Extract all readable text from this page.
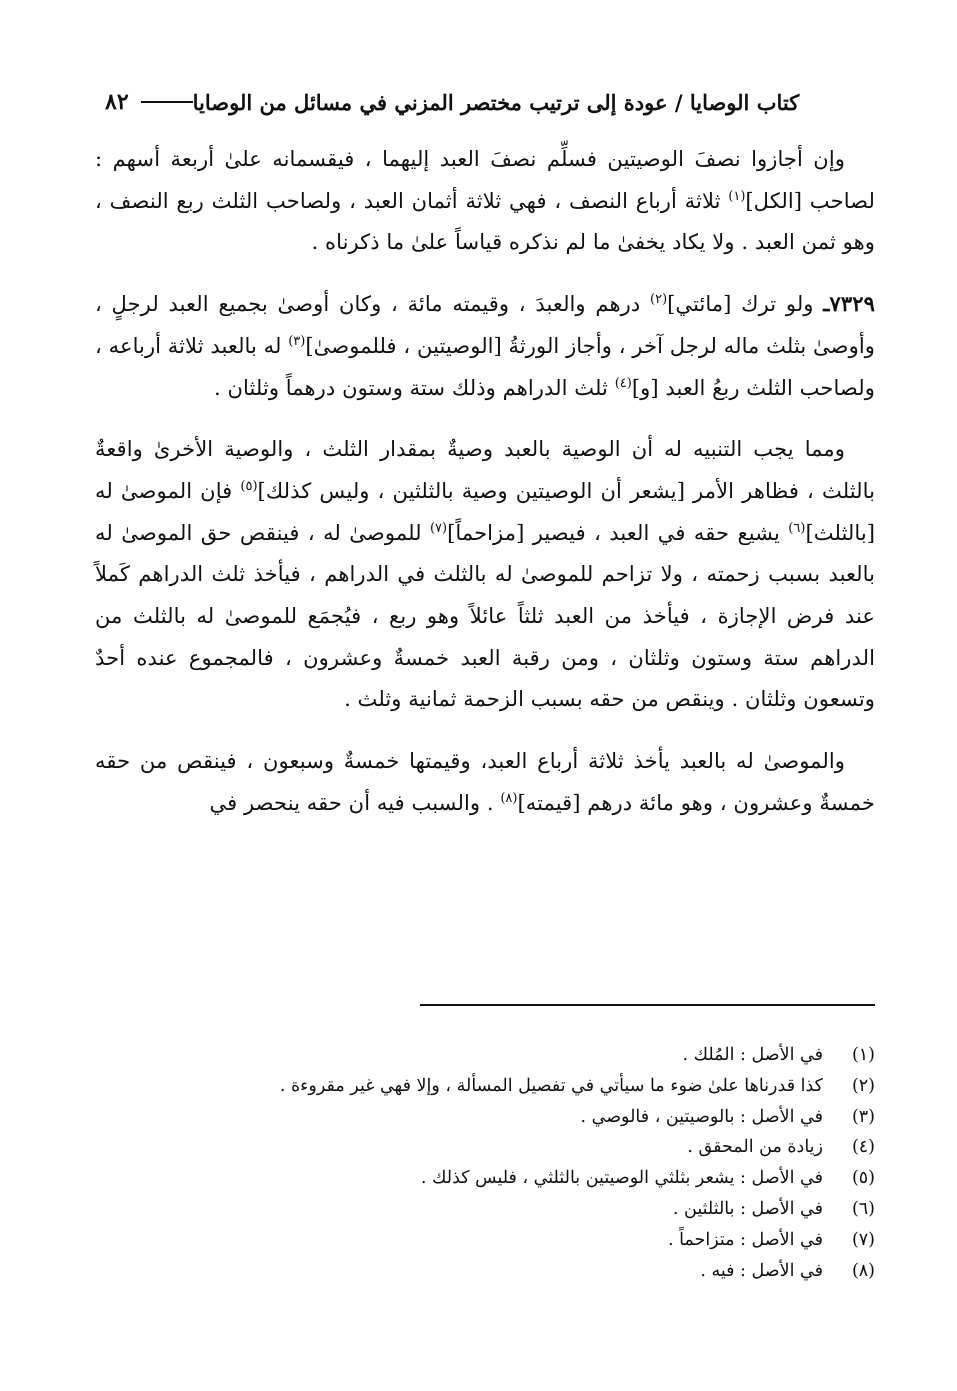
٨٢	كتاب الوصايا / عودة إلى ترتيب مختصر المزني في مسائل من الوصايا

وإن أجازوا نصفَ الوصيتين فسلِّم نصفَ العبد إليهما ، فيقسمانه علىٰ أربعة أسهم : لصاحب [الكل]$^{(١)}$ ثلاثة أرباع النصف ، فهي ثلاثة أثمان العبد ، ولصاحب الثلث ربع النصف ، وهو ثمن العبد . ولا يكاد يخفىٰ ما لم نذكره قياساً علىٰ ما ذكرناه .

٧٣٢٩ـ ولو ترك [مائتي]$^{(٢)}$ درهم والعبدَ ، وقيمته مائة ، وكان أوصىٰ بجميع العبد لرجلٍ ، وأوصىٰ بثلث ماله لرجل آخر ، وأجاز الورثةُ [الوصيتين ، فللموصىٰ]$^{(٣)}$ له بالعبد ثلاثة أرباعه ، ولصاحب الثلث ربعُ العبد [و]$^{(٤)}$ ثلث الدراهم وذلك ستة وستون درهماً وثلثان .

ومما يجب التنبيه له أن الوصية بالعبد وصيةٌ بمقدار الثلث ، والوصية الأخرىٰ واقعةٌ بالثلث ، فظاهر الأمر [يشعر أن الوصيتين وصية بالثلثين ، وليس كذلك]$^{(٥)}$ فإن الموصىٰ له [بالثلث]$^{(٦)}$ يشيع حقه في العبد ، فيصير [مزاحماً]$^{(٧)}$ للموصىٰ له ، فينقص حق الموصىٰ له بالعبد بسبب زحمته ، ولا تزاحم للموصىٰ له بالثلث في الدراهم ، فيأخذ ثلث الدراهم كَملاً عند فرض الإجازة ، فيأخذ من العبد ثلثاً عائلاً وهو ربع ، فيُجمَع للموصىٰ له بالثلث من الدراهم ستة وستون وثلثان ، ومن رقبة العبد خمسةٌ وعشرون ، فالمجموع عنده أحدٌ وتسعون وثلثان . وينقص من حقه بسبب الزحمة ثمانية وثلث .

والموصىٰ له بالعبد يأخذ ثلاثة أرباع العبد، وقيمتها خمسةٌ وسبعون ، فينقص من حقه خمسةٌ وعشرون ، وهو مائة درهم [قيمته]$^{(٨)}$ . والسبب فيه أن حقه ينحصر في

(١)
في الأصل : المُلك .
(٢)
كذا قدرناها علىٰ ضوء ما سيأتي في تفصيل المسألة ، وإلا فهي غير مقروءة .
(٣)
في الأصل : بالوصيتين ، فالوصي .
(٤)
زيادة من المحقق .
(٥)
في الأصل : يشعر بثلثي الوصيتين بالثلثي ، فليس كذلك .
(٦)
في الأصل : بالثلثين .
(٧)
في الأصل : متزاحماً .
(٨)
في الأصل : فيه .
